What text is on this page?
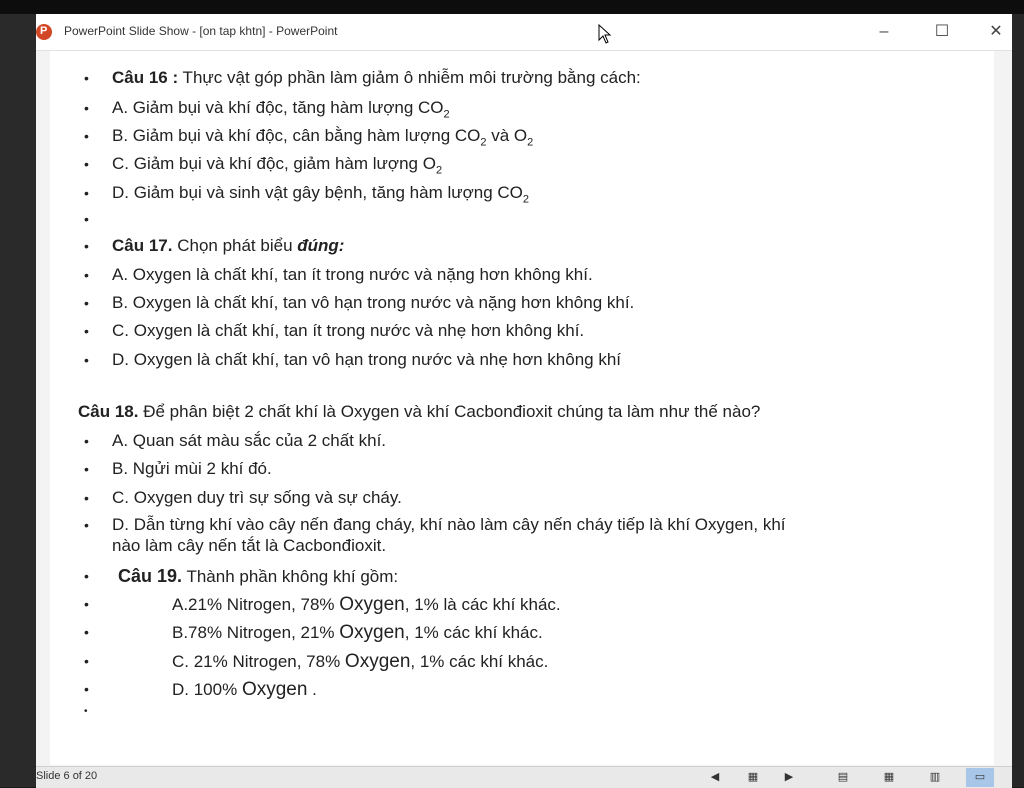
P PowerPoint Slide Show - [on tap khtn] - PowerPoint	–	☐	✕
• Câu 16 : Thực vật góp phần làm giảm ô nhiễm môi trường bằng cách:
• A. Giảm bụi và khí độc, tăng hàm lượng $CO_2$
• B. Giảm bụi và khí độc, cân bằng hàm lượng $CO_2$ và $O_2$
• C. Giảm bụi và khí độc, giảm hàm lượng $O_2$
• D. Giảm bụi và sinh vật gây bệnh, tăng hàm lượng $CO_2$
•
• Câu 17. Chọn phát biểu đúng:
• A. Oxygen là chất khí, tan ít trong nước và nặng hơn không khí.
• B. Oxygen là chất khí, tan vô hạn trong nước và nặng hơn không khí.
• C. Oxygen là chất khí, tan ít trong nước và nhẹ hơn không khí.
• D. Oxygen là chất khí, tan vô hạn trong nước và nhẹ hơn không khí
Câu 18. Để phân biệt 2 chất khí là Oxygen và khí Cacbonđioxit chúng ta làm như thế nào?
• A. Quan sát màu sắc của 2 chất khí.
• B. Ngửi mùi 2 khí đó.
• C. Oxygen duy trì sự sống và sự cháy.
• D. Dẫn từng khí vào cây nến đang cháy, khí nào làm cây nến cháy tiếp là khí Oxygen, khí
nào làm cây nến tắt là Cacbonđioxit.
• Câu 19. Thành phần không khí gồm:
•	A.21% Nitrogen, 78% Oxygen, 1% là các khí khác.
•	B.78% Nitrogen, 21% Oxygen, 1% các khí khác.
•	C. 21% Nitrogen, 78% Oxygen, 1% các khí khác.
•	D. 100% Oxygen .
•
Slide 6 of 20	◀	▦ ▶	▤	▦	▥	▭
